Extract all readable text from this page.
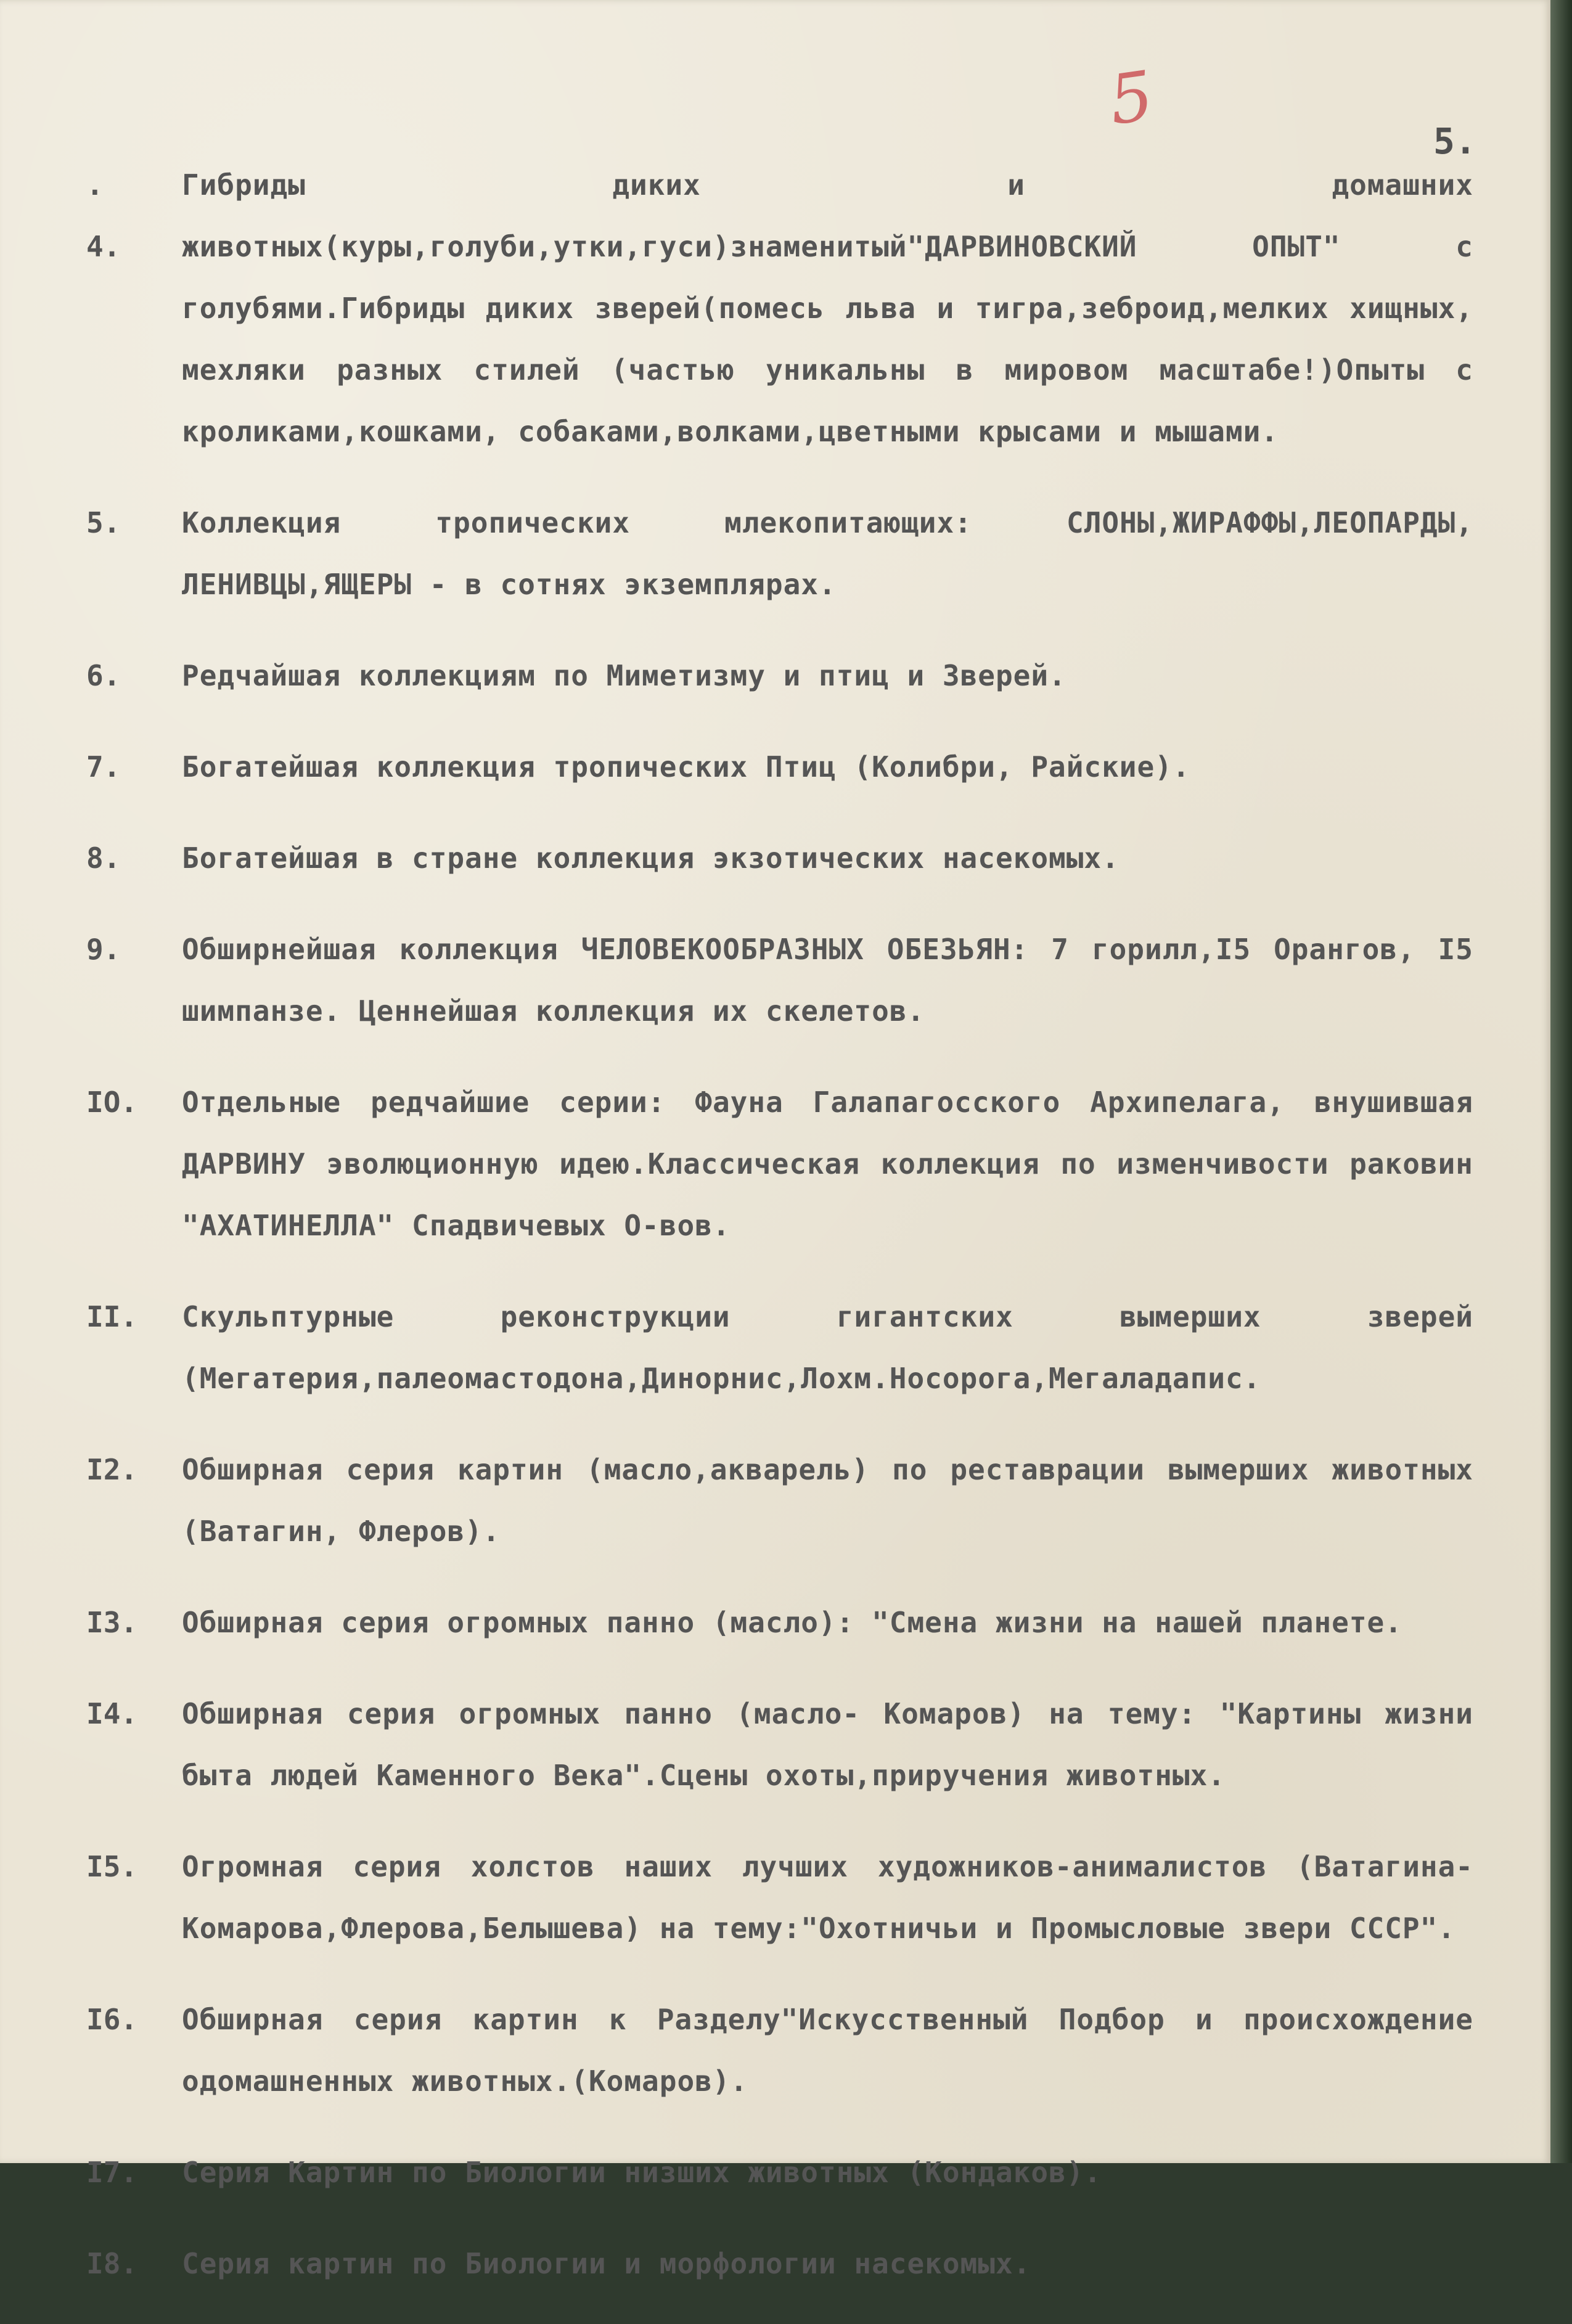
5
5.
.
4.
Гибриды диких и домашних животных(куры,голуби,утки,гуси)знаменитый"ДАРВИНОВСКИЙ ОПЫТ" с голубями.Гибриды диких зверей(помесь льва и тигра,зеброид,мелких хищных, мехляки разных стилей (частью уникальны в мировом масштабе!)Опыты с кроликами,кошками, собаками,волками,цветными крысами и мышами.
5. Коллекция тропических млекопитающих: СЛОНЫ,ЖИРАФФЫ,ЛЕОПАРДЫ, ЛЕНИВЦЫ,ЯЩЕРЫ - в сотнях экземплярах.
6. Редчайшая коллекциям по Миметизму и птиц и Зверей.
7. Богатейшая коллекция тропических Птиц (Колибри, Райские).
8. Богатейшая в стране коллекция экзотических насекомых.
9. Обширнейшая коллекция ЧЕЛОВЕКООБРАЗНЫХ ОБЕЗЬЯН: 7 горилл,I5 Орангов, I5 шимпанзе. Ценнейшая коллекция их скелетов.
IO. Отдельные редчайшие серии: Фауна Галапагосского Архипелага, внушившая ДАРВИНУ эволюционную идею.Классическая коллекция по изменчивости раковин "АХАТИНЕЛЛА" Спадвичевых О-вов.
II. Скульптурные реконструкции гигантских вымерших зверей (Мегатерия,палеомастодона,Динорнис,Лохм.Носорога,Мегаладапис.
I2. Обширная серия картин (масло,акварель) по реставрации вымерших животных (Ватагин, Флеров).
I3. Обширная серия огромных панно (масло): "Смена жизни на нашей планете.
I4. Обширная серия огромных панно (масло- Комаров) на тему: "Картины жизни быта людей Каменного Века".Сцены охоты,приручения животных.
I5. Огромная серия холстов наших лучших художников-анималистов (Ватагина-Комарова,Флерова,Белышева) на тему:"Охотничьи и Промысловые звери СССР".
I6. Обширная серия картин к Разделу"Искусственный Подбор и происхождение одомашненных животных.(Комаров).
I7. Серия Картин по Биологии низших животных (Кондаков).
I8. Серия картин по Биологии и морфологии насекомых.
